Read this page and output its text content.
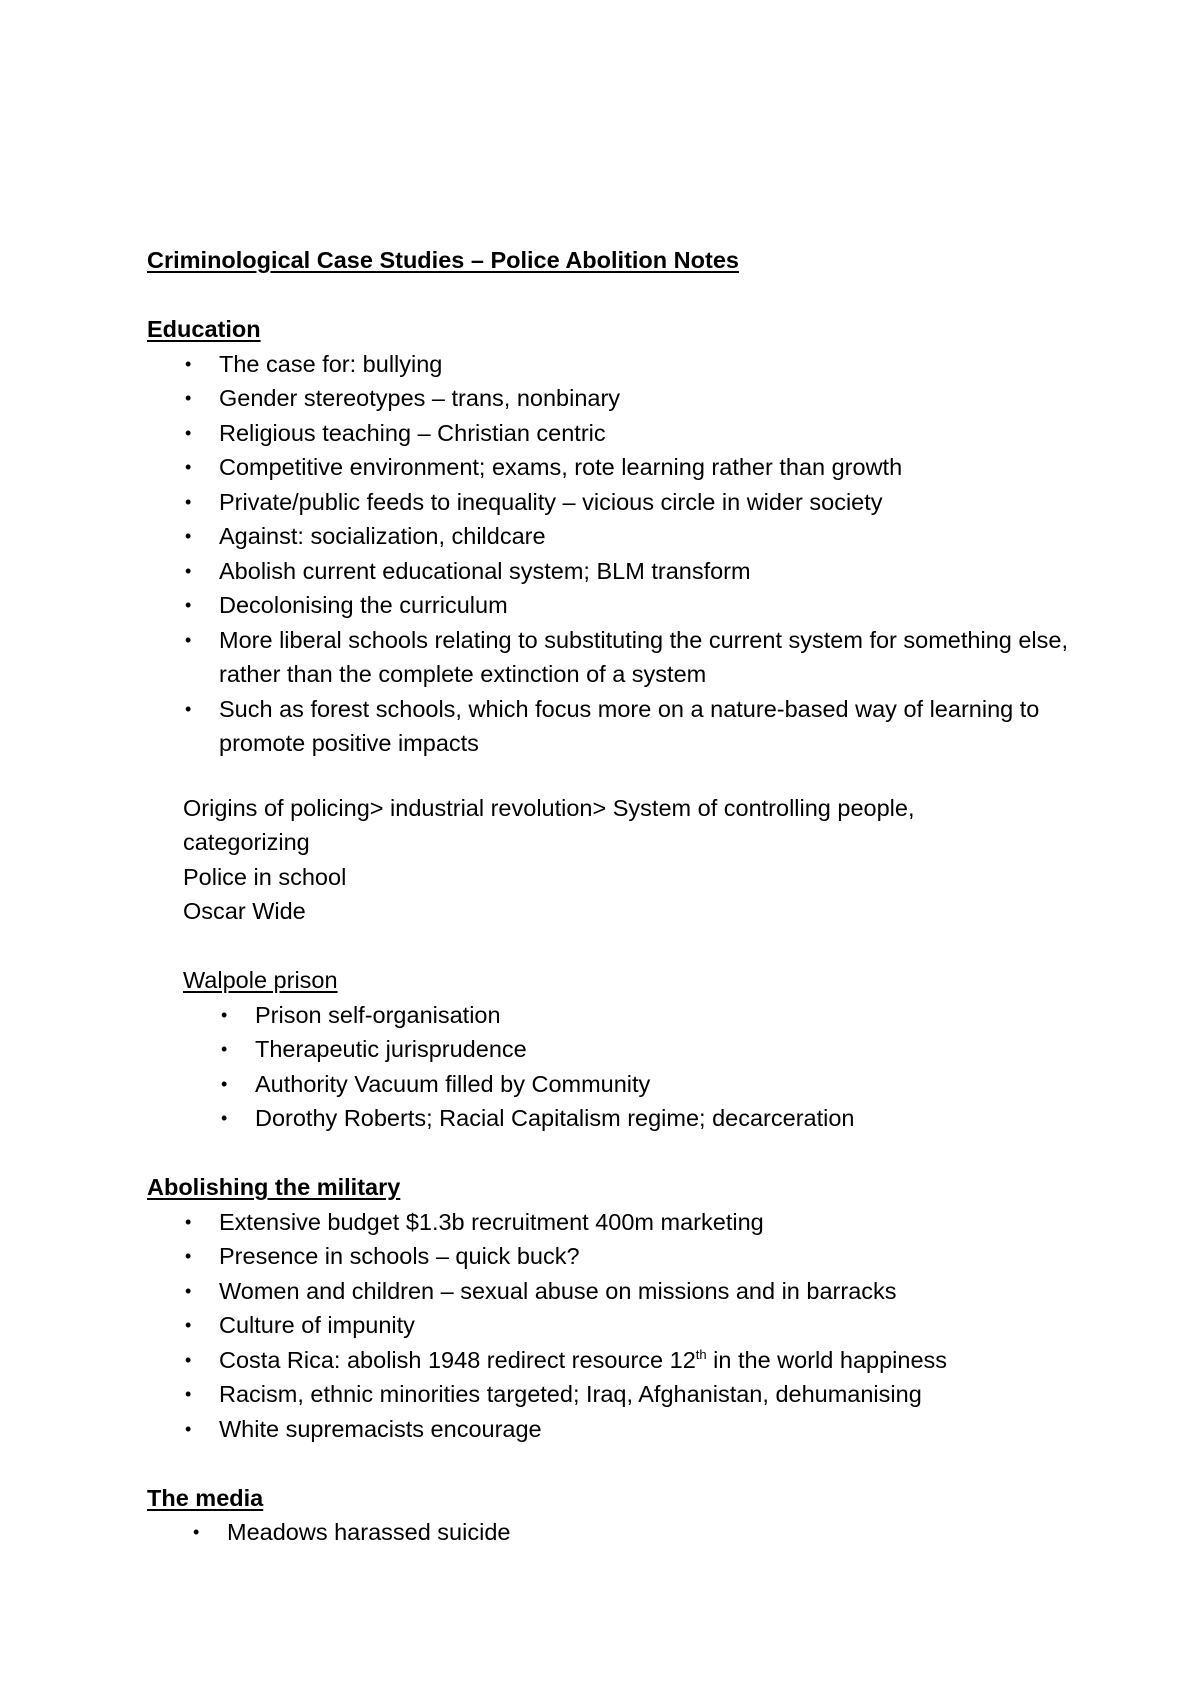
Criminological Case Studies – Police Abolition Notes
Education
• The case for: bullying
• Gender stereotypes – trans, nonbinary
• Religious teaching – Christian centric
• Competitive environment; exams, rote learning rather than growth
• Private/public feeds to inequality – vicious circle in wider society
• Against: socialization, childcare
• Abolish current educational system; BLM transform
• Decolonising the curriculum
• More liberal schools relating to substituting the current system for something else, rather than the complete extinction of a system
• Such as forest schools, which focus more on a nature-based way of learning to promote positive impacts
Origins of policing> industrial revolution> System of controlling people,
categorizing
Police in school
Oscar Wide
Walpole prison
• Prison self-organisation
• Therapeutic jurisprudence
• Authority Vacuum filled by Community
• Dorothy Roberts; Racial Capitalism regime; decarceration
Abolishing the military
• Extensive budget $1.3b recruitment 400m marketing
• Presence in schools – quick buck?
• Women and children – sexual abuse on missions and in barracks
• Culture of impunity
• Costa Rica: abolish 1948 redirect resource 12th in the world happiness
• Racism, ethnic minorities targeted; Iraq, Afghanistan, dehumanising
• White supremacists encourage
The media
• Meadows harassed suicide
